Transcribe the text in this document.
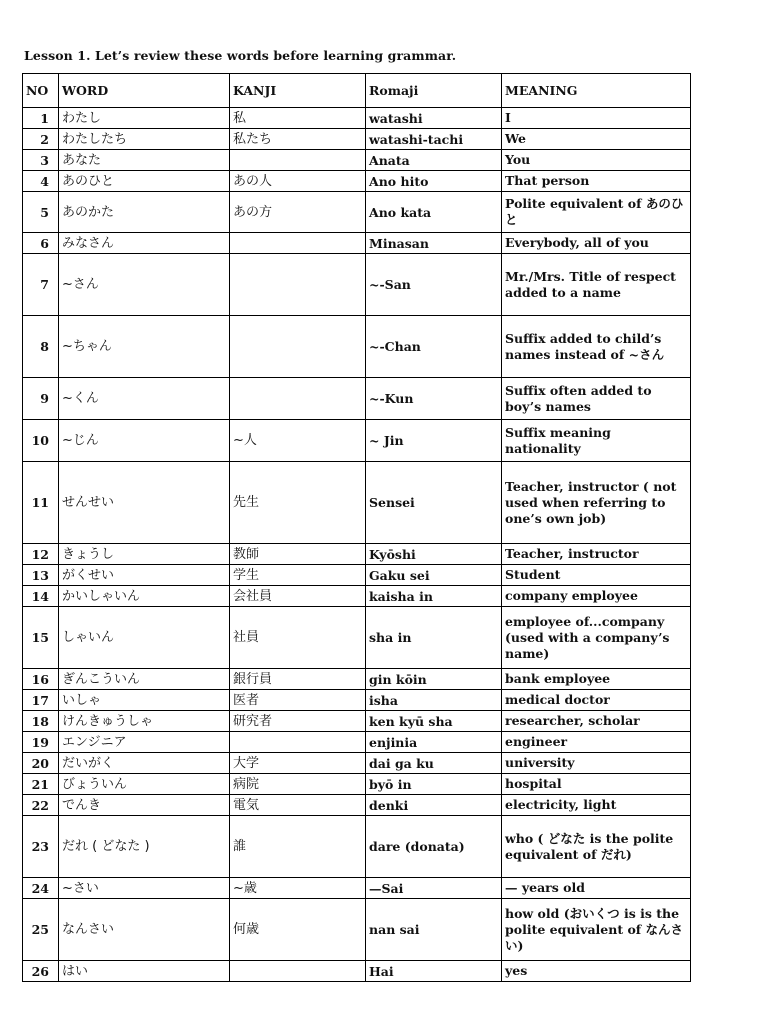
Lesson 1. Let’s review these words before learning grammar.
NO	WORD	KANJI	Romaji	MEANING
1	わたし	私	watashi	I
2	わたしたち	私たち	watashi-tachi	We
3	あなた		Anata	You
4	あのひと	あの人	Ano hito	That person
5	あのかた	あの方	Ano kata	Polite equivalent of あのひと
6	みなさん		Minasan	Everybody, all of you
7	~さん		~-San	Mr./Mrs. Title of respect added to a name
8	~ちゃん		~-Chan	Suffix added to child’s names instead of ~さん
9	~くん		~-Kun	Suffix often added to boy’s names
10	~じん	~人	~ Jin	Suffix meaning nationality
11	せんせい	先生	Sensei	Teacher, instructor ( not used when referring to one’s own job)
12	きょうし	教師	Kyōshi	Teacher, instructor
13	がくせい	学生	Gaku sei	Student
14	かいしゃいん	会社員	kaisha in	company employee
15	しゃいん	社員	sha in	employee of...company (used with a company’s name)
16	ぎんこういん	銀行員	gin kōin	bank employee
17	いしゃ	医者	isha	medical doctor
18	けんきゅうしゃ	研究者	ken kyū sha	researcher, scholar
19	エンジニア		enjinia	engineer
20	だいがく	大学	dai ga ku	university
21	びょういん	病院	byō in	hospital
22	でんき	電気	denki	electricity, light
23	だれ ( どなた )	誰	dare (donata)	who ( どなた is the polite equivalent of だれ)
24	~さい	~歳	—Sai	— years old
25	なんさい	何歳	nan sai	how old (おいくつ is is the polite equivalent of なんさい)
26	はい		Hai	yes
